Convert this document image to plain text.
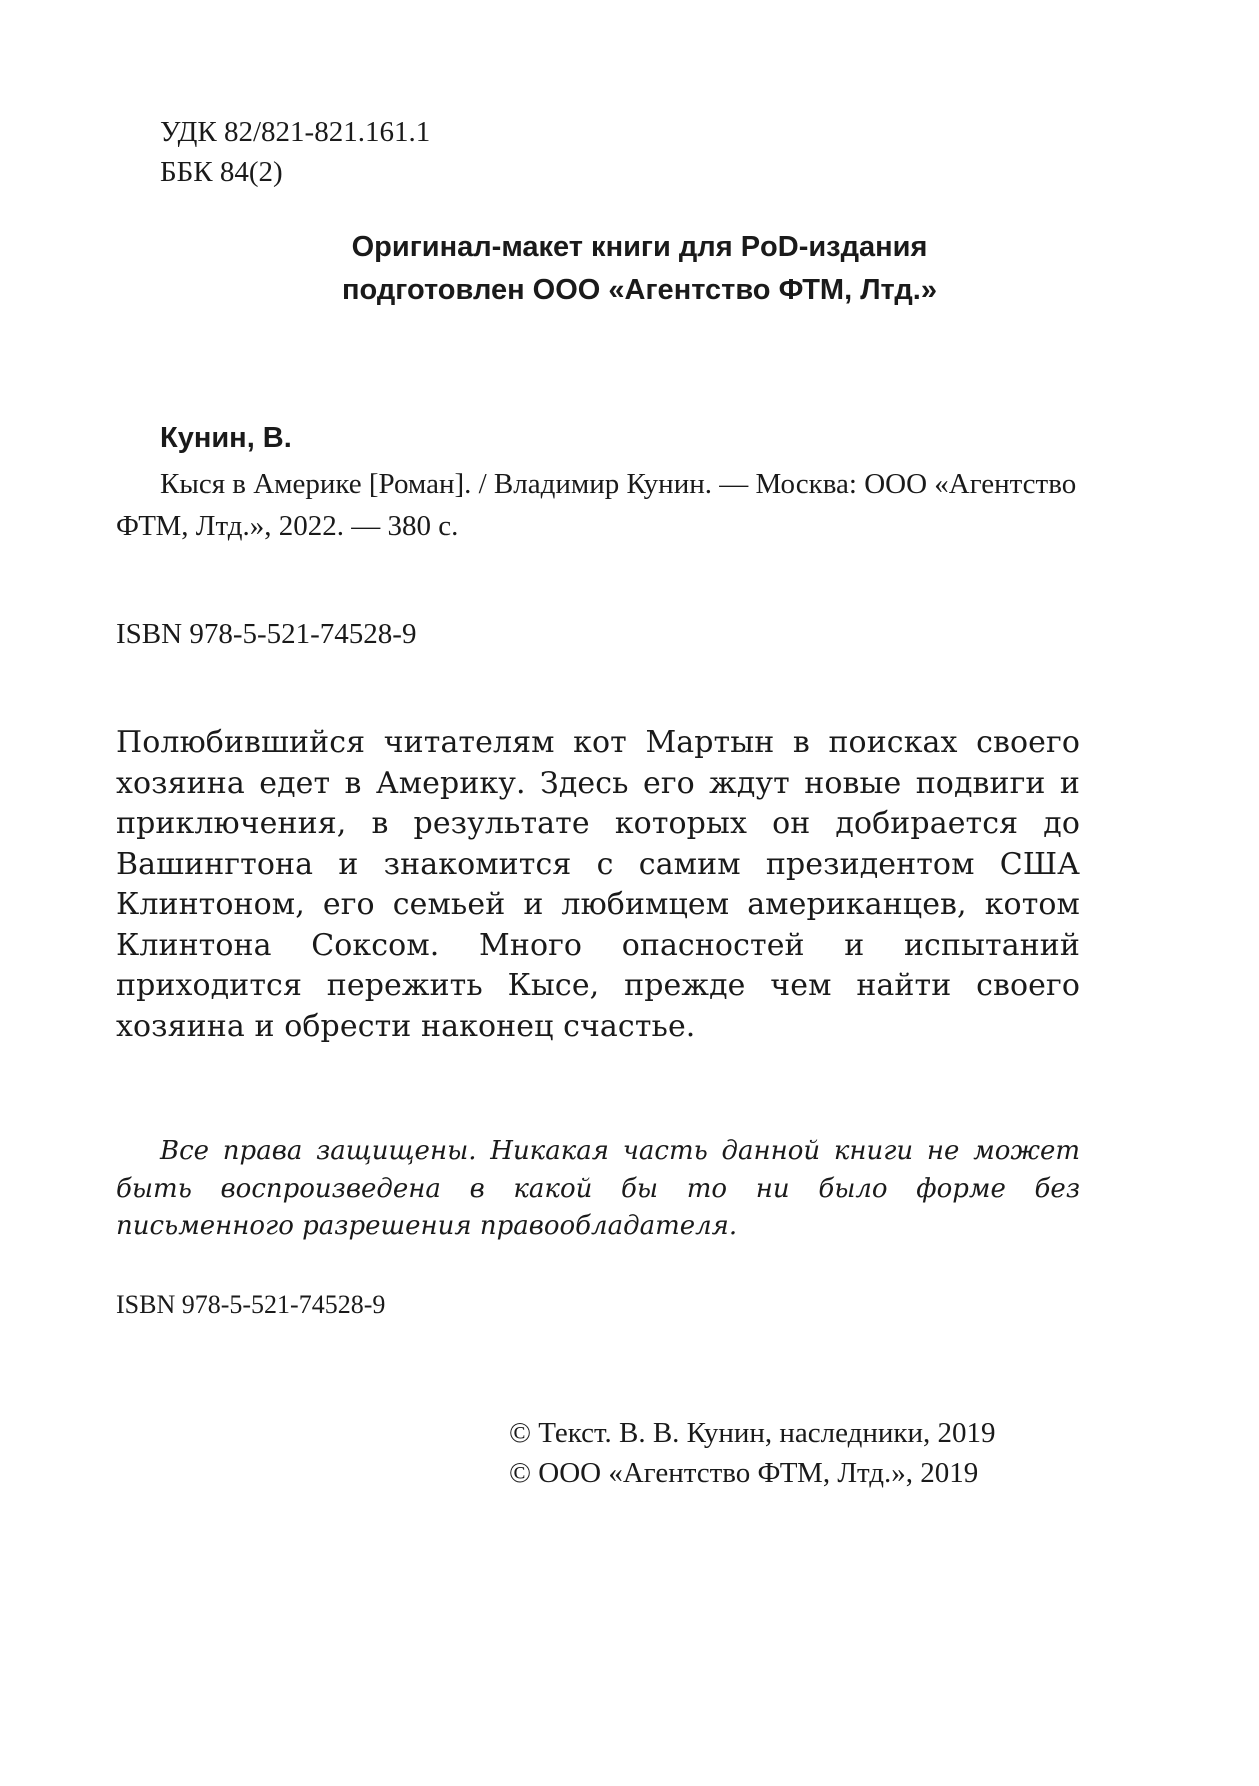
УДК 82/821-821.161.1
ББК 84(2)
Оригинал-макет книги для PoD-издания
подготовлен ООО «Агентство ФТМ, Лтд.»
Кунин, В.

Кыся в Америке [Роман]. / Владимир Кунин. — Москва: ООО «Агентство ФТМ, Лтд.», 2022. — 380 с.

ISBN 978-5-521-74528-9

Полюбившийся читателям кот Мартын в поисках своего хозяина едет в Америку. Здесь его ждут новые подвиги и приключения, в результате которых он добирается до Вашингтона и знакомится с самим президентом США Клинтоном, его семьей и любимцем американцев, котом Клинтона Соксом. Много опасностей и испытаний приходится пережить Кысе, прежде чем найти своего хозяина и обрести наконец счастье.

Все права защищены. Никакая часть данной книги не может быть воспроизведена в какой бы то ни было форме без письменного разрешения правообладателя.

ISBN 978-5-521-74528-9
© Текст. В. В. Кунин, наследники, 2019
© ООО «Агентство ФТМ, Лтд.», 2019
